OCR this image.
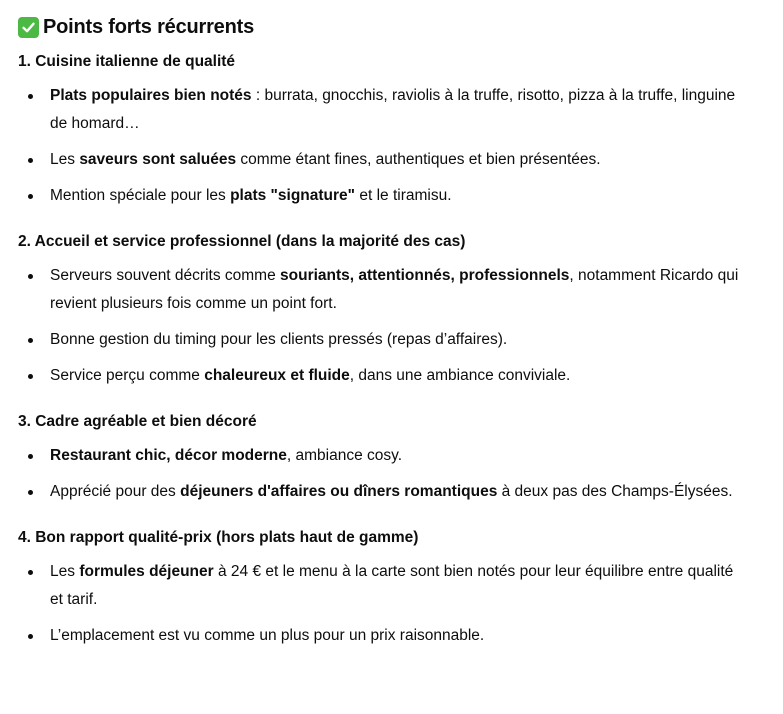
Points forts récurrents
1. Cuisine italienne de qualité
Plats populaires bien notés : burrata, gnocchis, raviolis à la truffe, risotto, pizza à la truffe, linguine de homard…
Les saveurs sont saluées comme étant fines, authentiques et bien présentées.
Mention spéciale pour les plats "signature" et le tiramisu.
2. Accueil et service professionnel (dans la majorité des cas)
Serveurs souvent décrits comme souriants, attentionnés, professionnels, notamment Ricardo qui revient plusieurs fois comme un point fort.
Bonne gestion du timing pour les clients pressés (repas d’affaires).
Service perçu comme chaleureux et fluide, dans une ambiance conviviale.
3. Cadre agréable et bien décoré
Restaurant chic, décor moderne, ambiance cosy.
Apprécié pour des déjeuners d'affaires ou dîners romantiques à deux pas des Champs-Élysées.
4. Bon rapport qualité-prix (hors plats haut de gamme)
Les formules déjeuner à 24 € et le menu à la carte sont bien notés pour leur équilibre entre qualité et tarif.
L’emplacement est vu comme un plus pour un prix raisonnable.
